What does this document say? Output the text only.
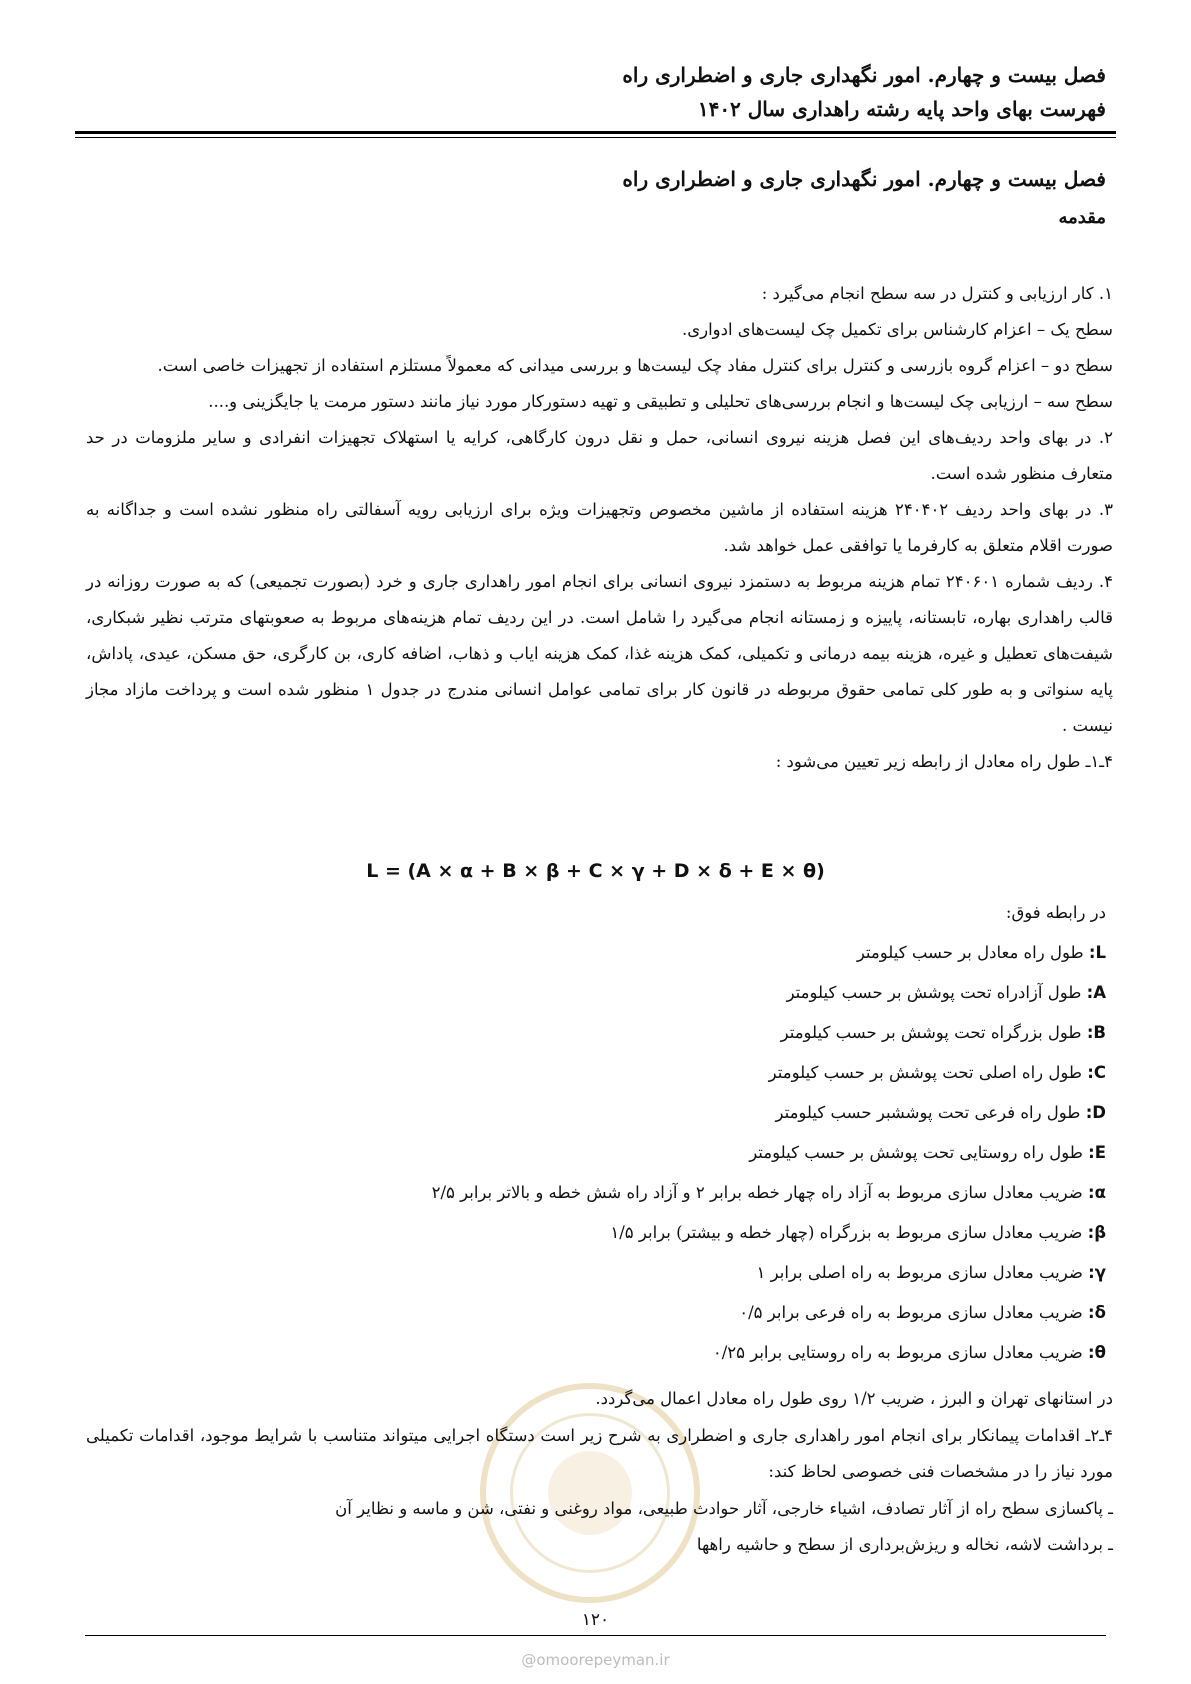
فصل بیست و چهارم. امور نگهداری جاری و اضطراری راه
فهرست بهای واحد پایه رشته راهداری سال ۱۴۰۲
فصل بیست و چهارم. امور نگهداری جاری و اضطراری راه
مقدمه

۱. کار ارزیابی و کنترل در سه سطح انجام می‌گیرد :

سطح یک – اعزام کارشناس برای تکمیل چک لیست‌های ادواری.

سطح دو – اعزام گروه بازرسی و کنترل برای کنترل مفاد چک لیست‌ها و بررسی میدانی که معمولاً مستلزم استفاده از تجهیزات خاصی است.

سطح سه – ارزیابی چک لیست‌ها و انجام بررسی‌های تحلیلی و تطبیقی و تهیه دستورکار مورد نیاز مانند دستور مرمت یا جایگزینی و....

۲. در بهای واحد ردیف‌های این فصل هزینه نیروی انسانی، حمل و نقل درون کارگاهی، کرایه یا استهلاک تجهیزات انفرادی و سایر ملزومات در حد متعارف منظور شده است.

۳. در بهای واحد ردیف ۲۴۰۴۰۲ هزینه استفاده از ماشین مخصوص وتجهیزات ویژه برای ارزیابی رویه آسفالتی راه منظور نشده است و جداگانه به صورت اقلام متعلق به کارفرما یا توافقی عمل خواهد شد.

۴. ردیف شماره ۲۴۰۶۰۱ تمام هزینه مربوط به دستمزد نیروی انسانی برای انجام امور راهداری جاری و خرد (بصورت تجمیعی) که به صورت روزانه در قالب راهداری بهاره، تابستانه، پاییزه و زمستانه انجام می‌گیرد را شامل است. در این ردیف تمام هزینه‌های مربوط به صعوبتهای مترتب نظیر شبکاری، شیفت‌های تعطیل و غیره، هزینه بیمه درمانی و تکمیلی، کمک هزینه غذا، کمک هزینه ایاب و ذهاب، اضافه کاری، بن کارگری، حق مسکن، عیدی، پاداش، پایه سنواتی و به طور کلی تمامی حقوق مربوطه در قانون کار برای تمامی عوامل انسانی مندرج در جدول ۱ منظور شده است و پرداخت مازاد مجاز نیست .

۴ـ۱ـ طول راه معادل از رابطه زیر تعیین می‌شود :

L = (A × α + B × β + C × γ + D × δ + E × θ)
در رابطه فوق:
L: طول راه معادل بر حسب کیلومتر
A: طول آزادراه تحت پوشش بر حسب کیلومتر
B: طول بزرگراه تحت پوشش بر حسب کیلومتر
C: طول راه اصلی تحت پوشش بر حسب کیلومتر
D: طول راه فرعی تحت پوششبر حسب کیلومتر
E: طول راه روستایی تحت پوشش بر حسب کیلومتر
α: ضریب معادل سازی مربوط به آزاد راه چهار خطه برابر ۲ و آزاد راه شش خطه و بالاتر برابر ۲/۵
β: ضریب معادل سازی مربوط به بزرگراه (چهار خطه و بیشتر) برابر ۱/۵
γ: ضریب معادل سازی مربوط به راه اصلی برابر ۱
δ: ضریب معادل سازی مربوط به راه فرعی برابر ۰/۵
θ: ضریب معادل سازی مربوط به راه روستایی برابر ۰/۲۵

در استانهای تهران و البرز ، ضریب ۱/۲ روی طول راه معادل اعمال می‌گردد.

۴ـ۲ـ اقدامات پیمانکار برای انجام امور راهداری جاری و اضطراری به شرح زیر است دستگاه اجرایی میتواند متناسب با شرایط موجود، اقدامات تکمیلی مورد نیاز را در مشخصات فنی خصوصی لحاظ کند:

ـ پاکسازی سطح راه از آثار تصادف، اشیاء خارجی، آثار حوادث طبیعی، مواد روغنی و نفتی، شن و ماسه و نظایر آن

ـ برداشت لاشه، نخاله و ریزش‌برداری از سطح و حاشیه راهها

۱۲۰
@omoorepeyman.ir
